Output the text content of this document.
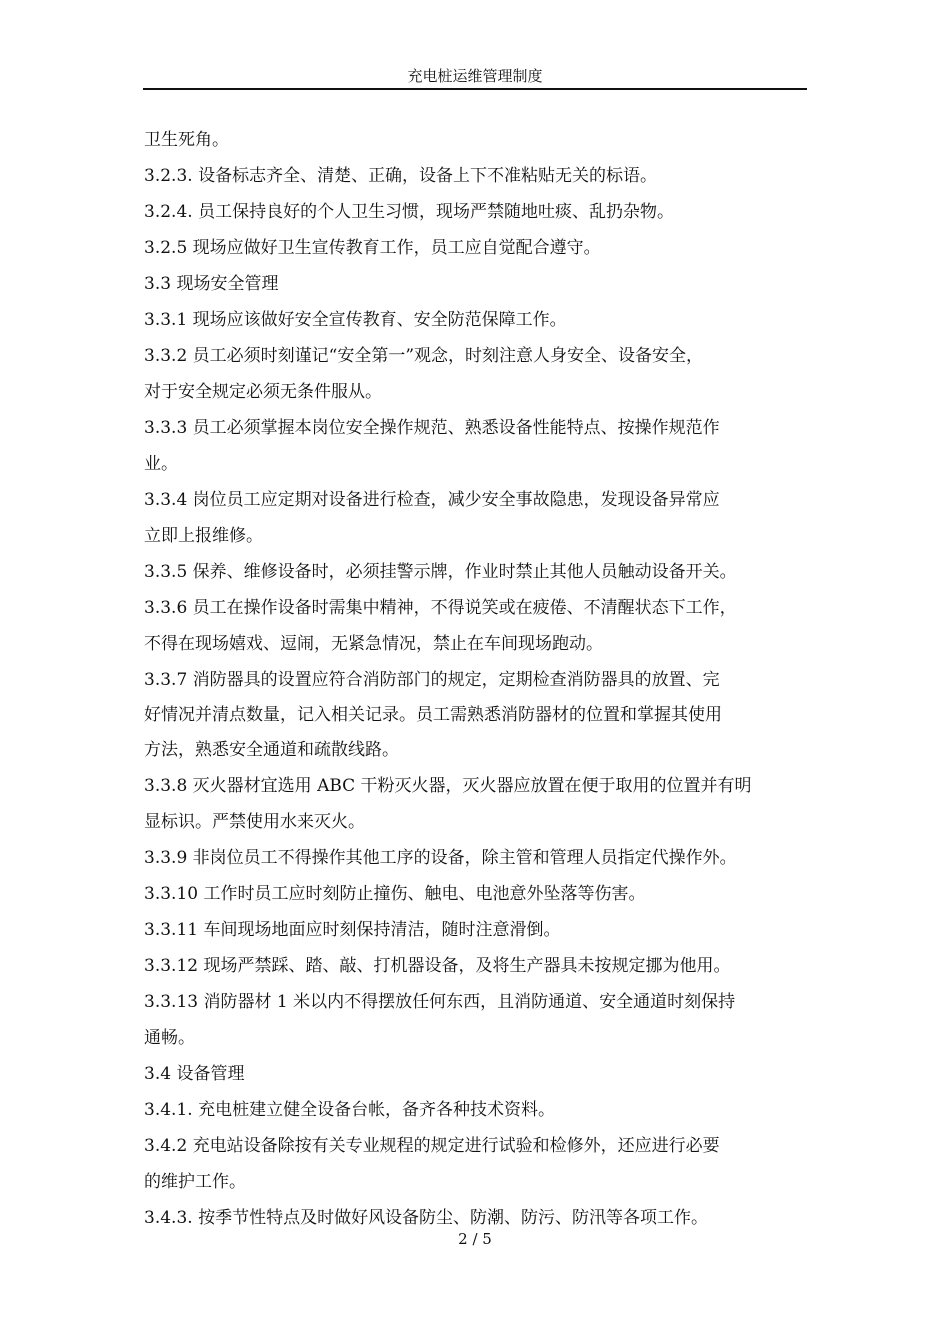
充电桩运维管理制度
卫生死角。
3.2.3. 设备标志齐全、清楚、正确，设备上下不准粘贴无关的标语。
3.2.4. 员工保持良好的个人卫生习惯，现场严禁随地吐痰、乱扔杂物。
3.2.5 现场应做好卫生宣传教育工作，员工应自觉配合遵守。
3.3 现场安全管理
3.3.1 现场应该做好安全宣传教育、安全防范保障工作。
3.3.2 员工必须时刻谨记“安全第一”观念，时刻注意人身安全、设备安全，
对于安全规定必须无条件服从。
3.3.3 员工必须掌握本岗位安全操作规范、熟悉设备性能特点、按操作规范作
业。
3.3.4 岗位员工应定期对设备进行检查，减少安全事故隐患，发现设备异常应
立即上报维修。
3.3.5 保养、维修设备时，必须挂警示牌，作业时禁止其他人员触动设备开关。
3.3.6 员工在操作设备时需集中精神，不得说笑或在疲倦、不清醒状态下工作，
不得在现场嬉戏、逗闹，无紧急情况，禁止在车间现场跑动。
3.3.7 消防器具的设置应符合消防部门的规定，定期检查消防器具的放置、完
好情况并清点数量，记入相关记录。员工需熟悉消防器材的位置和掌握其使用
方法，熟悉安全通道和疏散线路。
3.3.8 灭火器材宜选用 ABC 干粉灭火器，灭火器应放置在便于取用的位置并有明
显标识。严禁使用水来灭火。
3.3.9 非岗位员工不得操作其他工序的设备，除主管和管理人员指定代操作外。
3.3.10 工作时员工应时刻防止撞伤、触电、电池意外坠落等伤害。
3.3.11 车间现场地面应时刻保持清洁，随时注意滑倒。
3.3.12 现场严禁踩、踏、敲、打机器设备，及将生产器具未按规定挪为他用。
3.3.13 消防器材 1 米以内不得摆放任何东西，且消防通道、安全通道时刻保持
通畅。
3.4 设备管理
3.4.1. 充电桩建立健全设备台帐，备齐各种技术资料。
3.4.2 充电站设备除按有关专业规程的规定进行试验和检修外，还应进行必要
的维护工作。
3.4.3. 按季节性特点及时做好风设备防尘、防潮、防污、防汛等各项工作。
2 / 5
